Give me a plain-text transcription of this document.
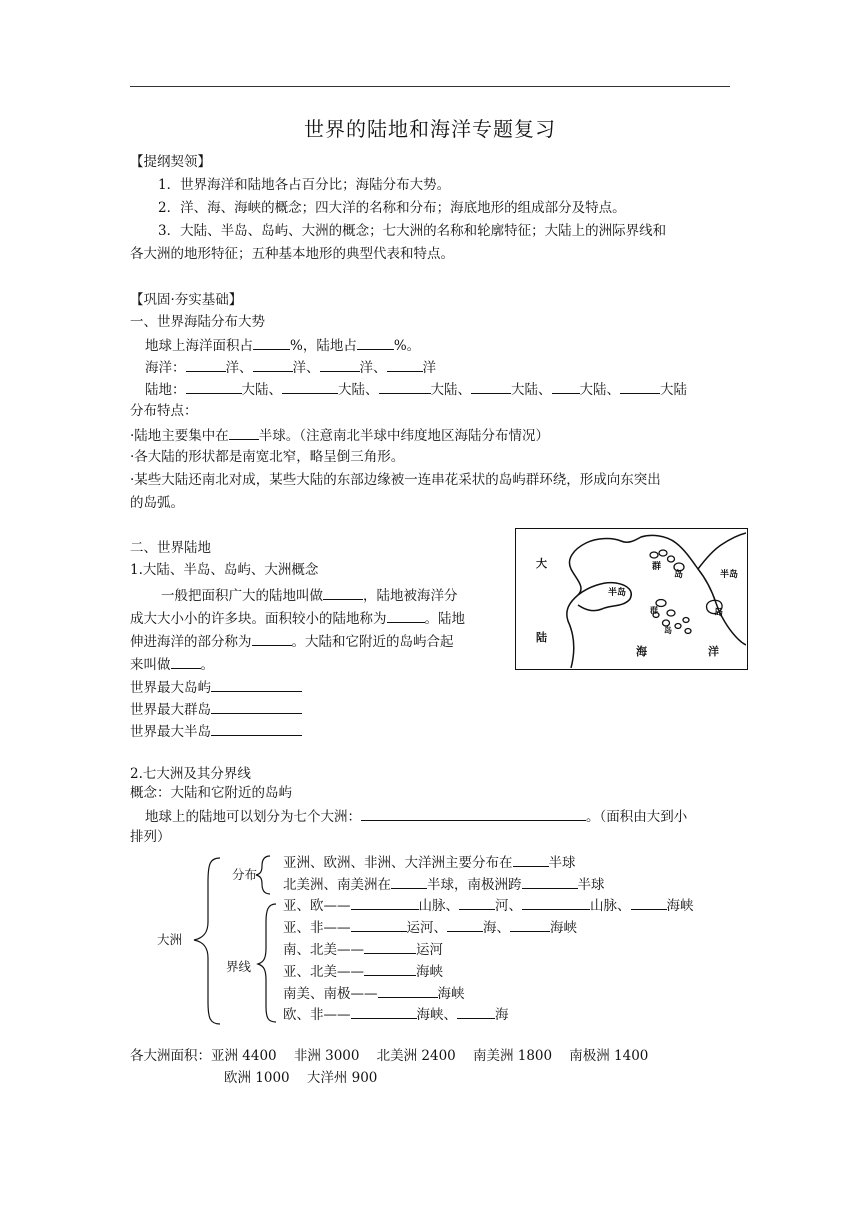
世界的陆地和海洋专题复习
【提纲契领】
1．世界海洋和陆地各占百分比；海陆分布大势。
2．洋、海、海峡的概念；四大洋的名称和分布；海底地形的组成部分及特点。
3．大陆、半岛、岛屿、大洲的概念；七大洲的名称和轮廓特征；大陆上的洲际界线和
各大洲的地形特征；五种基本地形的典型代表和特点。
【巩固·夯实基础】
一、世界海陆分布大势
地球上海洋面积占	%，陆地占	%。
海洋：	洋、	洋、	洋、	洋
陆地：	大陆、	大陆、	大陆、	大陆、 大陆、	大陆
分布特点：
·陆地主要集中在 半球。（注意南北半球中纬度地区海陆分布情况）
·各大陆的形状都是南宽北窄，略呈倒三角形。
·某些大陆还南北对成，某些大陆的东部边缘被一连串花采状的岛屿群环绕，形成向东突出
的岛弧。
二、世界陆地
1.大陆、半岛、岛屿、大洲概念
一般把面积广大的陆地叫做	，陆地被海洋分
成大大小小的许多块。面积较小的陆地称为	。陆地
伸进海洋的部分称为	。大陆和它附近的岛屿合起
来叫做 。
世界最大岛屿
世界最大群岛
世界最大半岛
大
陆
群
岛
半岛
半岛
岛
群
岛
海	洋
2.七大洲及其分界线
概念：大陆和它附近的岛屿
地球上的陆地可以划分为七个大洲：	。（面积由大到小
排列）
大洲
分布
界线
亚洲、欧洲、非洲、大洋洲主要分布在	半球
北美洲、南美洲在	半球，南极洲跨	半球
亚、欧——	山脉、	河、	山脉、	海峡
亚、非——	运河、	海、	海峡
南、北美——	运河
亚、北美——	海峡
南美、南极——	海峡
欧、非——	海峡、	海
各大洲面积：亚洲 4400    非洲 3000    北美洲 2400    南美洲 1800    南极洲 1400
欧洲 1000    大洋州 900
